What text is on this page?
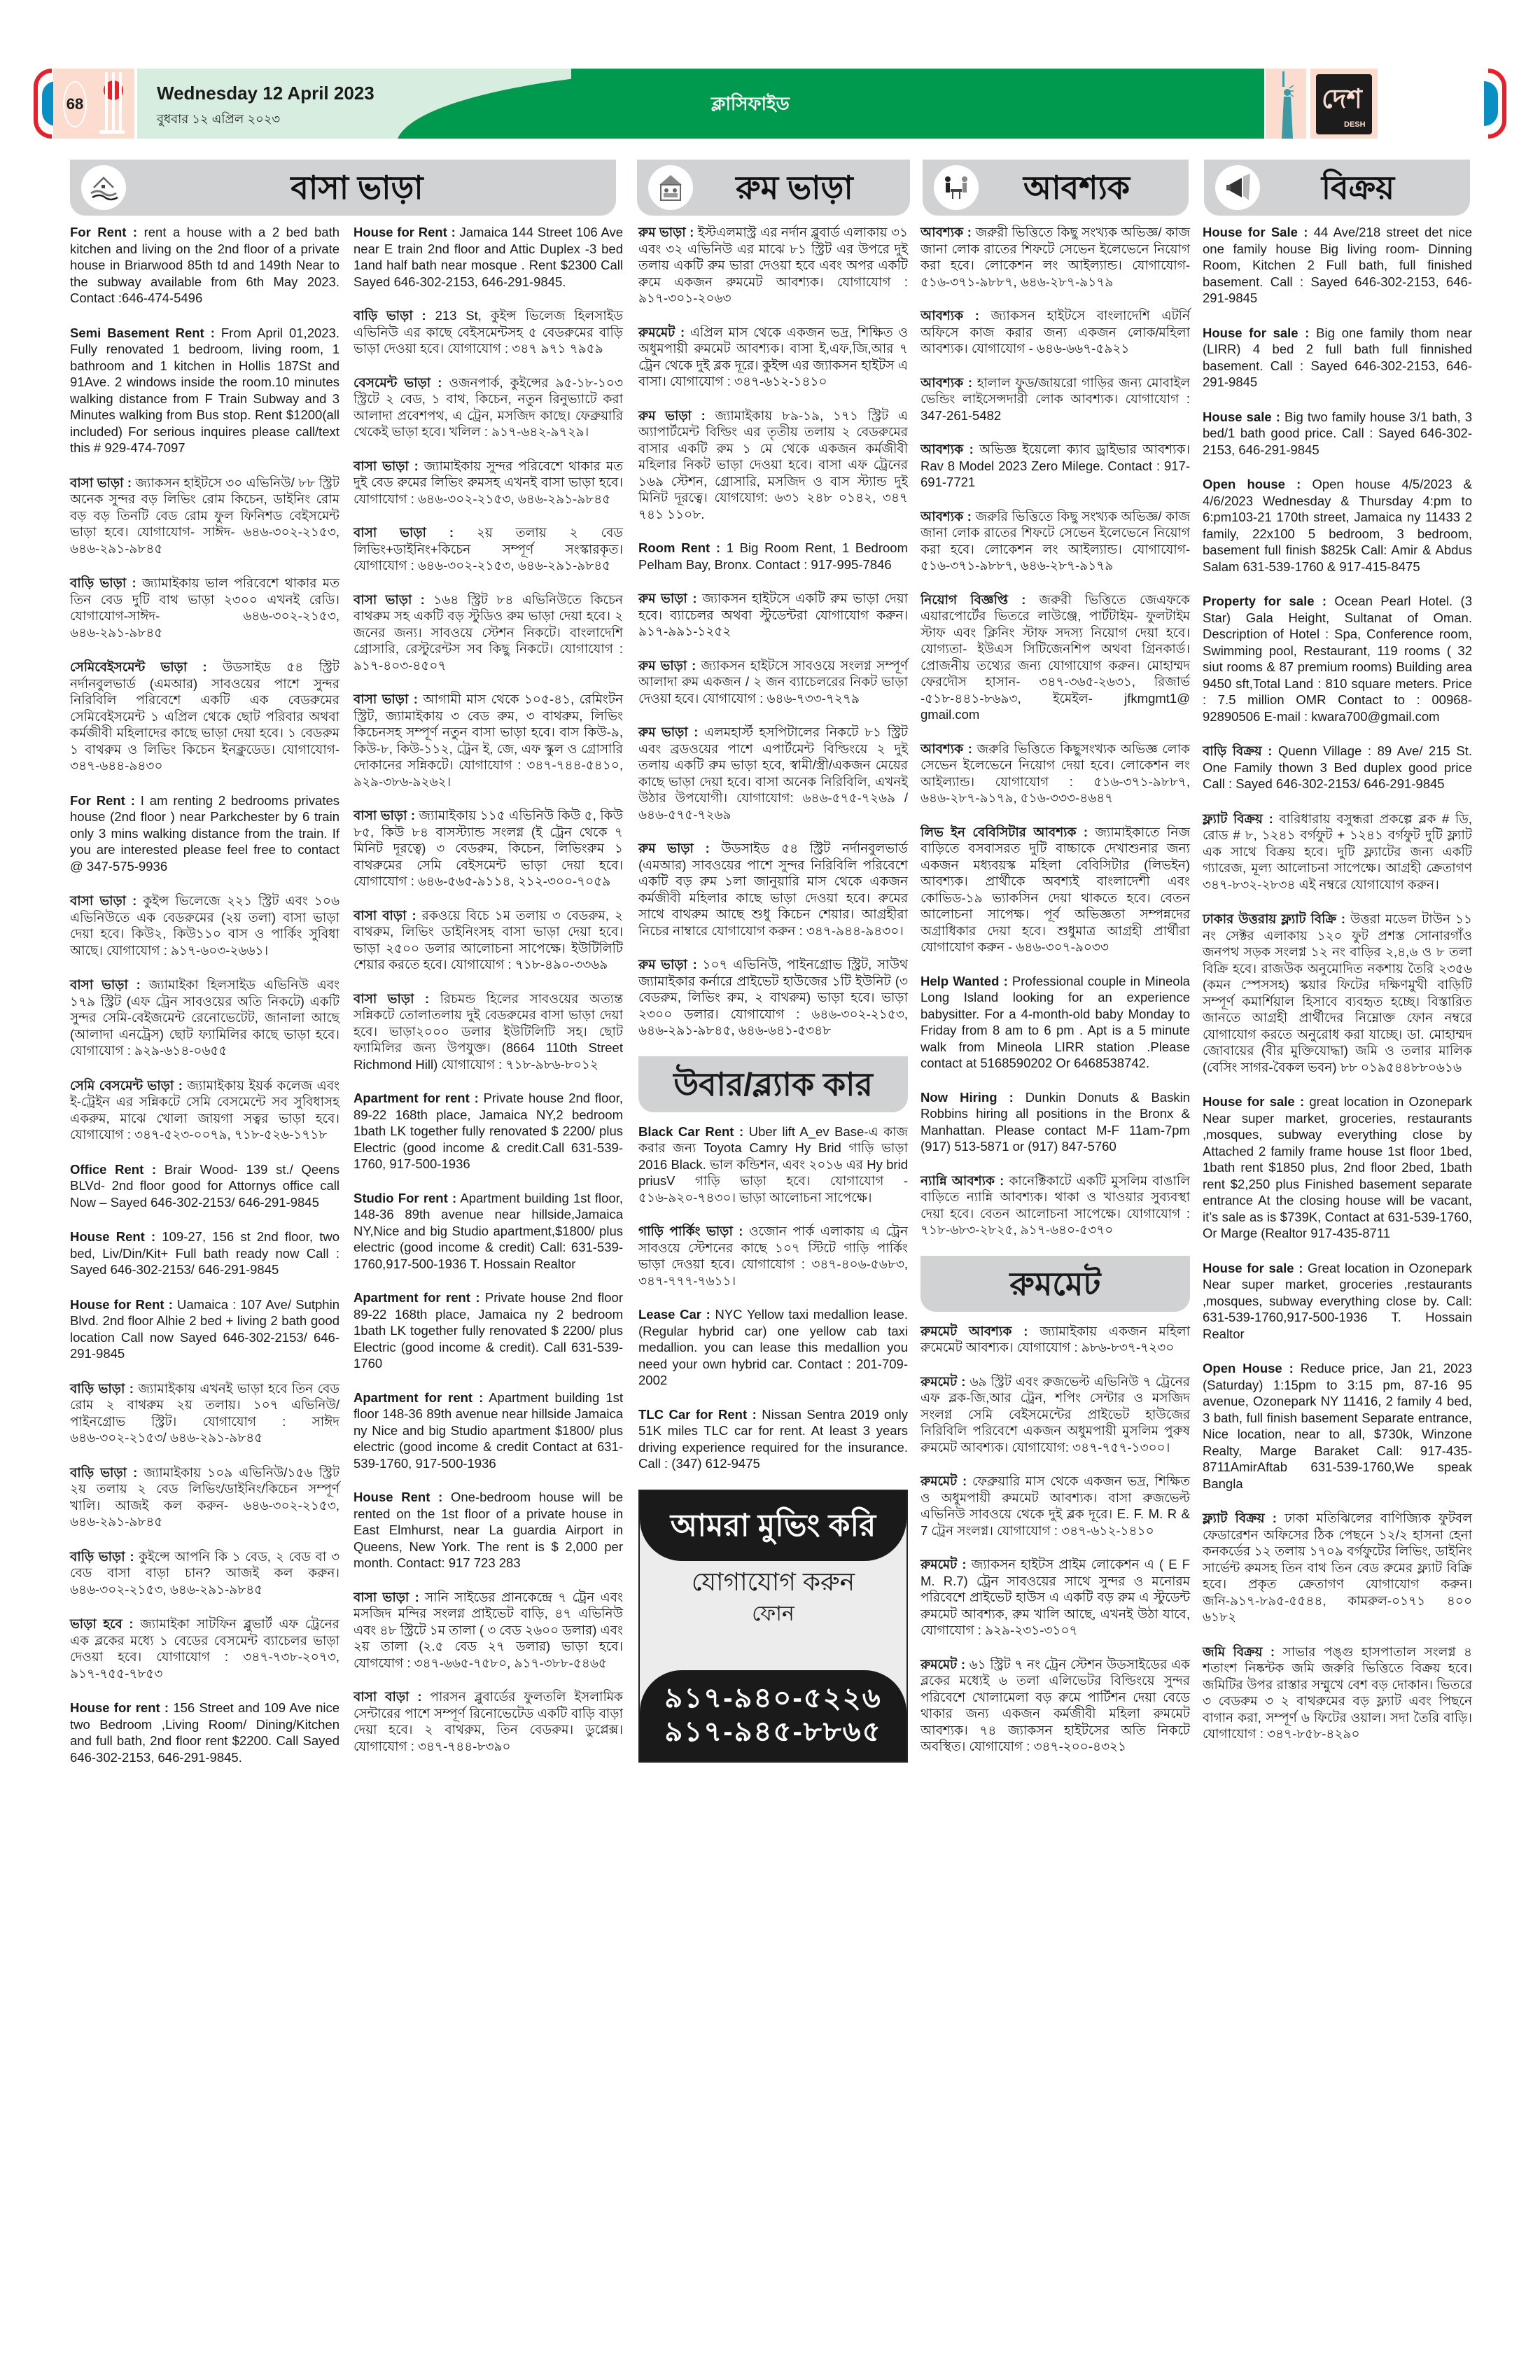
68
Wednesday 12 April 2023
বুধবার ১২ এপ্রিল ২০২৩
ক্লাসিফাইড	দেশ
DESH
বাসা ভাড়া	রুম ভাড়া	আবশ্যক	বিক্রয়

For Rent : rent a house with a 2 bed bath kitchen and living on the 2nd floor of a private house in Briarwood 85th td and 149th Near to the subway available from 6th May 2023. Contact :646-474-5496

Semi Basement Rent : From April 01,2023. Fully renovated 1 bedroom, living room, 1 bathroom and 1 kitchen in Hollis 187St and 91Ave. 2 windows inside the room.10 minutes walking distance from F Train Subway and 3 Minutes walking from Bus stop. Rent $1200(all included) For serious inquires please call/text this # 929-474-7097

বাসা ভাড়া : জ্যাকসন হাইটসে ৩০ এভিনিউ/ ৮৮ স্ট্রিট অনেক সুন্দর বড় লিভিং রোম কিচেন, ডাইনিং রোম বড় বড় তিনটি বেড রোম ফুল ফিনিশড বেইসমেন্ট ভাড়া হবে। যোগাযোগ- সাঈদ- ৬৪৬-৩০২-২১৫৩, ৬৪৬-২৯১-৯৮৪৫

বাড়ি ভাড়া : জ্যামাইকায় ভাল পরিবেশে থাকার মত তিন বেড দুটি বাথ ভাড়া ২৩০০ এখনই রেডি। যোগাযোগ-সাঈদ- ৬৪৬-৩০২-২১৫৩, ৬৪৬-২৯১-৯৮৪৫

সেমিবেইসমেন্ট ভাড়া : উডসাইড ৫৪ স্ট্রিট নর্দানবুলভার্ড (এমআর) সাবওয়ের পাশে সুন্দর নিরিবিলি পরিবেশে একটি এক বেডরুমের সেমিবেইসমেন্ট ১ এপ্রিল থেকে ছোট পরিবার অথবা কর্মজীবী মহিলাদের কাছে ভাড়া দেয়া হবে। ১ বেডরুম ১ বাথরুম ও লিভিং কিচেন ইনক্লুডেড। যোগাযোগ- ৩৪৭-৬৪৪-৯৪৩০

For Rent : I am renting 2 bedrooms privates house (2nd floor ) near Parkchester by 6 train only 3 mins walking distance from the train. If you are interested please feel free to contact @ 347-575-9936

বাসা ভাড়া : কুইন্স ভিলেজে ২২১ স্ট্রিট এবং ১০৬ এভিনিউতে এক বেডরুমের (২য় তলা) বাসা ভাড়া দেয়া হবে। কিউ২, কিউ১১০ বাস ও পার্কিং সুবিধা আছে। যোগাযোগ : ৯১৭-৬০৩-২৬৬১।

বাসা ভাড়া : জ্যামাইকা হিলসাইড এভিনিউ এবং ১৭৯ স্ট্রিট (এফ ট্রেন সাবওয়ের অতি নিকটে) একটি সুন্দর সেমি-বেইজমেন্ট রেনোভেটেট, জানালা আছে (আলাদা এনট্রেস) ছোট ফ্যামিলির কাছে ভাড়া হবে। যোগাযোগ : ৯২৯-৬১৪-০৬৫৫

সেমি বেসমেন্ট ভাড়া : জ্যামাইকায় ইয়র্ক কলেজ এবং ই-ট্রেইন এর সন্নিকটে সেমি বেসমেন্টে সব সুবিধাসহ একরুম, মাঝে খোলা জায়গা সত্বর ভাড়া হবে। যোগাযোগ : ৩৪৭-৫২৩-০০৭৯, ৭১৮-৫২৬-১৭১৮

Office Rent : Brair Wood- 139 st./ Qeens BLVd- 2nd floor good for Attornys office call Now – Sayed 646-302-2153/ 646-291-9845

House Rent : 109-27, 156 st 2nd floor, two bed, Liv/Din/Kit+ Full bath ready now Call : Sayed 646-302-2153/ 646-291-9845

House for Rent : Uamaica : 107 Ave/ Sutphin Blvd. 2nd floor Alhie 2 bed + living 2 bath good location Call now Sayed 646-302-2153/ 646-291-9845

বাড়ি ভাড়া : জ্যামাইকায় এখনই ভাড়া হবে তিন বেড রোম ২ বাথরুম ২য় তলায়। ১০৭ এভিনিউ/পাইনগ্রোভ স্ট্রিট। যোগাযোগ : সাঈদ ৬৪৬-৩০২-২১৫৩/ ৬৪৬-২৯১-৯৮৪৫

বাড়ি ভাড়া : জ্যামাইকায় ১০৯ এভিনিউ/১৫৬ স্ট্রিট ২য় তলায় ২ বেড লিভিং/ডাইনিং/কিচেন সম্পূর্ণ খালি। আজই কল করুন- ৬৪৬-৩০২-২১৫৩, ৬৪৬-২৯১-৯৮৪৫

বাড়ি ভাড়া : কুইন্সে আপনি কি ১ বেড, ২ বেড বা ৩ বেড বাসা বাড়া চান? আজই কল করুন। ৬৪৬-৩০২-২১৫৩, ৬৪৬-২৯১-৯৮৪৫

ভাড়া হবে : জ্যামাইকা সাটফিন ব্লুভার্ট এফ ট্রেনের এক ব্লকের মধ্যে ১ বেডের বেসমেন্ট ব্যাচেলর ভাড়া দেওয়া হবে। যোগাযোগ : ৩৪৭-৭৩৮-২০৭৩, ৯১৭-৭৫৫-৭৮৫৩

House for rent : 156 Street and 109 Ave nice two Bedroom ,Living Room/ Dining/Kitchen and full bath, 2nd floor rent $2200. Call Sayed 646-302-2153, 646-291-9845.

House for Rent : Jamaica 144 Street 106 Ave near E train 2nd floor and Attic Duplex -3 bed 1and half bath near mosque . Rent $2300 Call Sayed 646-302-2153, 646-291-9845.

বাড়ি ভাড়া : 213 St, কুইন্স ভিলেজ হিলসাইড এভিনিউ এর কাছে বেইসমেন্টসহ ৫ বেডরুমের বাড়ি ভাড়া দেওয়া হবে। যোগাযোগ : ৩৪৭ ৯৭১ ৭৯৫৯

বেসমেন্ট ভাড়া : ওজনপার্ক, কুইন্সের ৯৫-১৮-১০৩ স্ট্রিটে ২ বেড, ১ বাথ, কিচেন, নতুন রিনুভ্যাটে করা আলাদা প্রবেশপথ, এ ট্রেন, মসজিদ কাছে। ফেব্রুয়ারি থেকেই ভাড়া হবে। খলিল : ৯১৭-৬৪২-৯৭২৯।

বাসা ভাড়া : জ্যামাইকায় সুন্দর পরিবেশে থাকার মত দুই বেড রুমের লিভিং রুমসহ এখনই বাসা ভাড়া হবে। যোগাযোগ : ৬৪৬-৩০২-২১৫৩, ৬৪৬-২৯১-৯৮৪৫

বাসা ভাড়া : ২য় তলায় ২ বেড লিভিং+ডাইনিং+কিচেন সম্পূর্ণ সংস্কারকৃত। যোগাযোগ : ৬৪৬-৩০২-২১৫৩, ৬৪৬-২৯১-৯৮৪৫

বাসা ভাড়া : ১৬৪ স্ট্রিট ৮৪ এভিনিউতে কিচেন বাথরুম সহ একটি বড় স্টুডিও রুম ভাড়া দেয়া হবে। ২ জনের জন্য। সাবওয়ে স্টেশন নিকটে। বাংলাদেশি গ্রোসারি, রেস্টুরেন্টস সব কিছু নিকটে। যোগাযোগ : ৯১৭-৪০৩-৪৫০৭

বাসা ভাড়া : আগামী মাস থেকে ১০৫-৪১, রেমিংটন স্ট্রিট, জ্যামাইকায় ৩ বেড রুম, ৩ বাথরুম, লিভিং কিচেনসহ সম্পূর্ণ নতুন বাসা ভাড়া হবে। বাস কিউ-৯, কিউ-৮, কিউ-১১২, ট্রেন ই, জে, এফ স্কুল ও গ্রোসারি দোকানের সন্নিকটে। যোগাযোগ : ৩৪৭-৭৪৪-৫৪১০, ৯২৯-৩৮৬-৯২৬২।

বাসা ভাড়া : জ্যামাইকায় ১১৫ এভিনিউ কিউ ৫, কিউ ৮৫, কিউ ৮৪ বাসস্ট্যান্ড সংলগ্ন (ই ট্রেন থেকে ৭ মিনিট দূরত্বে) ৩ বেডরুম, কিচেন, লিভিংরুম ১ বাথরুমের সেমি বেইসমেন্ট ভাড়া দেয়া হবে। যোগাযোগ : ৬৪৬-৫৬৫-৯১১৪, ২১২-৩০০-৭০৫৯

বাসা বাড়া : রকওয়ে বিচে ১ম তলায় ৩ বেডরুম, ২ বাথরুম, লিভিং ডাইনিংসহ বাসা ভাড়া দেয়া হবে। ভাড়া ২৫০০ ডলার আলোচনা সাপেক্ষে। ইউটিলিটি শেয়ার করতে হবে। যোগাযোগ : ৭১৮-৪৯০-৩৩৬৯

বাসা ভাড়া : রিচমন্ড হিলের সাবওয়ের অত্যন্ত সন্নিকটে তোলাতলায় দুই বেডরুমের বাসা ভাড়া দেয়া হবে। ভাড়া২০০০ ডলার ইউটিলিটি সহ। ছোট ফ্যামিলির জন্য উপযুক্ত। (8664 110th Street Richmond Hill) যোগাযোগ : ৭১৮-৯৮৬-৮০১২

Apartment for rent : Private house 2nd floor, 89-22 168th place, Jamaica NY,2 bedroom 1bath LK together fully renovated $ 2200/ plus Electric (good income & credit.Call 631-539-1760, 917-500-1936

Studio For rent : Apartment building 1st floor, 148-36 89th avenue near hillside,Jamaica NY,Nice and big Studio apartment,$1800/ plus electric (good income & credit) Call: 631-539-1760,917-500-1936 T. Hossain Realtor

Apartment for rent : Private house 2nd floor 89-22 168th place, Jamaica ny 2 bedroom 1bath LK together fully renovated $ 2200/ plus Electric (good income & credit). Call 631-539-1760

Apartment for rent : Apartment building 1st floor 148-36 89th avenue near hillside Jamaica ny Nice and big Studio apartment $1800/ plus electric (good income & credit Contact at 631-539-1760, 917-500-1936

House Rent : One-bedroom house will be rented on the 1st floor of a private house in East Elmhurst, near La guardia Airport in Queens, New York. The rent is $ 2,000 per month. Contact: 917 723 283

বাসা ভাড়া : সানি সাইডের প্রানকেন্দ্রে ৭ ট্রেন এবং মসজিদ মন্দির সংলগ্ন প্রাইভেট বাড়ি, ৪৭ এভিনিউ এবং ৪৮ স্ট্রিটে ১ম তালা ( ৩ বেড ২৬০০ ডলার) এবং ২য় তালা (২.৫ বেড ২৭ ডলার) ভাড়া হবে। যোগযোগ : ৩৪৭-৬৬৫-৭৫৮০, ৯১৭-৩৮৮-৫৪৬৫

বাসা বাড়া : পারসন ব্লুবার্ডের ফুলতলি ইসলামিক সেন্টারের পাশে সম্পূর্ণ রিনোভেটেড একটি বাড়ি বাড়া দেয়া হবে। ২ বাথরুম, তিন বেডরুম। ডুপ্লেক্স। যোগাযোগ : ৩৪৭-৭৪৪-৮৩৯০

রুম ভাড়া : ইস্টএলমাস্ট্র এর নর্দান ব্লুবার্ড এলাকায় ৩১ এবং ৩২ এভিনিউ এর মাঝে ৮১ স্ট্রিট এর উপরে দুই তলায় একটি রুম ভারা দেওয়া হবে এবং অপর একটি রুমে একজন রুমমেট আবশ্যক। যোগাযোগ : ৯১৭-৩০১-২০৬৩

রুমমেট : এপ্রিল মাস থেকে একজন ভদ্র, শিক্ষিত ও অধুমপায়ী রুমমেট আবশ্যক। বাসা ই,এফ,জি,আর ৭ ট্রেন থেকে দুই ব্লক দূরে। কুইন্স এর জ্যাকসন হাইটস এ বাসা। যোগাযোগ : ৩৪৭-৬১২-১৪১০

রুম ভাড়া : জ্যামাইকায় ৮৯-১৯, ১৭১ স্ট্রিট এ অ্যাপার্টমেন্ট বিল্ডিং এর তৃতীয় তলায় ২ বেডরুমের বাসার একটি রুম ১ মে থেকে একজন কর্মজীবী মহিলার নিকট ভাড়া দেওয়া হবে। বাসা এফ ট্রেনের ১৬৯ স্টেশন, গ্রোসারি, মসজিদ ও বাস স্ট্যান্ড দুই মিনিট দূরত্বে। যোগযোগ: ৬৩১ ২৪৮ ০১৪২, ৩৪৭ ৭৪১ ১১০৮.

Room Rent : 1 Big Room Rent, 1 Bedroom Pelham Bay, Bronx. Contact : 917-995-7846

রুম ভাড়া : জ্যাকসন হাইটসে একটি রুম ভাড়া দেয়া হবে। ব্যাচেলর অথবা স্টুডেন্টরা যোগাযোগ করুন। ৯১৭-৯৯১-১২৫২

রুম ভাড়া : জ্যাকসন হাইটসে সাবওয়ে সংলগ্ন সম্পূর্ণ আলাদা রুম একজন / ২ জন ব্যাচেলরের নিকট ভাড়া দেওয়া হবে। যোগাযোগ : ৬৪৬-৭৩৩-৭২৭৯

রুম ভাড়া : এলমহার্স্ট হসপিটালের নিকটে ৮১ স্ট্রিট এবং ব্রডওয়ের পাশে এপার্টমেন্ট বিল্ডিংয়ে ২ দুই তলায় একটি রুম ভাড়া হবে, স্বামী/স্ত্রী/একজন মেয়ের কাছে ভাড়া দেয়া হবে। বাসা অনেক নিরিবিলি, এখনই উঠার উপযোগী। যোগাযোগ: ৬৪৬-৫৭৫-৭২৬৯ / ৬৪৬-৫৭৫-৭২৬৯

রুম ভাড়া : উডসাইড ৫৪ স্ট্রিট নর্দানবুলভার্ড (এমআর) সাবওয়ের পাশে সুন্দর নিরিবিলি পরিবেশে একটি বড় রুম ১লা জানুয়ারি মাস থেকে একজন কর্মজীবী মহিলার কাছে ভাড়া দেওয়া হবে। রুমের সাথে বাথরুম আছে শুধু কিচেন শেয়ার। আগ্রহীরা নিচের নাম্বারে যোগাযোগ করুন : ৩৪৭-৯৪৪-৯৪৩০।

রুম ভাড়া : ১০৭ এভিনিউ, পাইনগ্রোভ স্ট্রিট, সাউথ জ্যামাইকার কর্নারে প্রাইভেট হাউজের ১টি ইউনিট (৩ বেডরুম, লিভিং রুম, ২ বাথরুম) ভাড়া হবে। ভাড়া ২৩০০ ডলার। যোগাযোগ : ৬৪৬-৩০২-২১৫৩, ৬৪৬-২৯১-৯৮৪৫, ৬৪৬-৬৪১-৫৩৪৮

উবার/ব্ল্যাক কার

Black Car Rent : Uber lift A_ev Base-এ কাজ করার জন্য Toyota Camry Hy Brid গাড়ি ভাড়া 2016 Black. ভাল কন্ডিশন, এবং ২০১৬ এর Hy brid priusV গাড়ি ভাড়া হবে। যোগাযোগ - ৫১৬-৯২০-৭৪৩০। ভাড়া আলোচনা সাপেক্ষে।

গাড়ি পার্কিং ভাড়া : ওজোন পার্ক এলাকায় এ ট্রেন সাবওয়ে স্টেশনের কাছে ১০৭ স্টিটে গাড়ি পার্কিং ভাড়া দেওয়া হবে। যোগাযোগ : ৩৪৭-৪০৬-৫৬৮৩, ৩৪৭-৭৭৭-৭৬১১।

Lease Car : NYC Yellow taxi medallion lease. (Regular hybrid car) one yellow cab taxi medallion. you can lease this medallion you need your own hybrid car. Contact : 201-709-2002

TLC Car for Rent : Nissan Sentra 2019 only 51K miles TLC car for rent. At least 3 years driving experience required for the insurance. Call : (347) 612-9475

আমরা মুভিং করি
যোগাযোগ করুন
ফোন
৯১৭-৯৪০-৫২২৬
৯১৭-৯৪৫-৮৮৬৫

আবশ্যক : জরুরী ভিত্তিতে কিছু সংখ্যক অভিজ্ঞ/ কাজ জানা লোক রাতের শিফটে সেভেন ইলেভেনে নিয়োগ করা হবে। লোকেশন লং আইল্যান্ড। যোগাযোগ- ৫১৬-৩৭১-৯৮৮৭, ৬৪৬-২৮৭-৯১৭৯

আবশ্যক : জ্যাকসন হাইটসে বাংলাদেশি এটর্নি অফিসে কাজ করার জন্য একজন লোক/মহিলা আবশ্যক। যোগাযোগ - ৬৪৬-৬৬৭-৫৯২১

আবশ্যক : হালাল ফুড/জায়রো গাড়ির জন্য মোবাইল ভেন্ডিং লাইসেন্সদারী লোক আবশ্যক। যোগাযোগ : 347-261-5482

আবশ্যক : অভিজ্ঞ ইয়েলো ক্যাব ড্রাইভার আবশ্যক। Rav 8 Model 2023 Zero Milege. Contact : 917-691-7721

আবশ্যক : জরুরি ভিত্তিতে কিছু সংখ্যক অভিজ্ঞ/ কাজ জানা লোক রাতের শিফটে সেভেন ইলেভেনে নিয়োগ করা হবে। লোকেশন লং আইল্যান্ড। যোগাযোগ- ৫১৬-৩৭১-৯৮৮৭, ৬৪৬-২৮৭-৯১৭৯

নিয়োগ বিজ্ঞপ্তি : জরুরী ভিত্তিতে জেএফকে এয়ারপোর্টের ভিতরে লাউঞ্জে, পার্টটাইম- ফুলটাইম স্টাফ এবং ক্লিনিং স্টাফ সদস্য নিয়োগ দেয়া হবে। যোগ্যতা- ইউএস সিটিজেনশিপ অথবা গ্রিনকার্ড। প্রোজনীয় তথ্যের জন্য যোগাযোগ করুন। মোহাম্মদ ফেরদৌস হাসান- ৩৪৭-৩৬৫-২৬৩১, রিজার্ভ -৫১৮-৪৪১-৮৬৯৩, ইমেইল- jfkmgmt1@ gmail.com

আবশ্যক : জরুরি ভিত্তিতে কিছুসংখ্যক অভিজ্ঞ লোক সেভেন ইলেভেনে নিয়োগ দেয়া হবে। লোকেশন লং আইল্যান্ড। যোগাযোগ : ৫১৬-৩৭১-৯৮৮৭, ৬৪৬-২৮৭-৯১৭৯, ৫১৬-৩৩৩-৪৬৪৭

লিভ ইন বেবিসিটার আবশ্যক : জ্যামাইকাতে নিজ বাড়িতে বসবাসরত দুটি বাচ্চাকে দেখাশুনার জন্য একজন মধ্যবয়স্ক মহিলা বেবিসিটার (লিভইন) আবশ্যক। প্রার্থীকে অবশ্যই বাংলাদেশী এবং কোভিড-১৯ ভ্যাকসিন দেয়া থাকতে হবে। বেতন আলোচনা সাপেক্ষ। পূর্ব অভিজ্ঞতা সম্পন্নদের অগ্রাধিকার দেয়া হবে। শুধুমাত্র আগ্রহী প্রার্থীরা যোগাযোগ করুন - ৬৪৬-৩০৭-৯০৩৩

Help Wanted : Professional couple in Mineola Long Island looking for an experience babysitter. For a 4-month-old baby Monday to Friday from 8 am to 6 pm . Apt is a 5 minute walk from Mineola LIRR station .Please contact at 5168590202 Or 6468538742.

Now Hiring : Dunkin Donuts & Baskin Robbins hiring all positions in the Bronx & Manhattan. Please contact M-F 11am-7pm (917) 513-5871 or (917) 847-5760

ন্যান্নি আবশ্যক : কানেক্টিকাটে একটি মুসলিম বাঙালি বাড়িতে ন্যান্নি আবশ্যক। থাকা ও খাওয়ার সুব্যবস্থা দেয়া হবে। বেতন আলোচনা সাপেক্ষে। যোগাযোগ : ৭১৮-৬৮৩-২৮২৫, ৯১৭-৬৪০-৫৩৭০

রুমমেট

রুমমেট আবশ্যক : জ্যামাইকায় একজন মহিলা রুমেমেট আবশ্যক। যোগাযোগ : ৯৮৬-৮৩৭-৭২৩০

রুমমেট : ৬৯ স্ট্রিট এবং রুজভেল্ট এভিনিউ ৭ ট্রেনের এফ ব্লক-জি,আর ট্রেন, শপিং সেন্টার ও মসজিদ সংলগ্ন সেমি বেইসমেন্টের প্রাইভেট হাউজের নিরিবিলি পরিবেশে একজন অধুমপায়ী মুসলিম পুরুষ রুমমেট আবশ্যক। যোগাযোগ: ৩৪৭-৭৫৭-১৩০০।

রুমমেট : ফেব্রুয়ারি মাস থেকে একজন ভদ্র, শিক্ষিত ও অধুমপায়ী রুমমেট আবশ্যক। বাসা রুজভেল্ট এভিনিউ সাবওয়ে থেকে দুই ব্লক দূরে। E. F. M. R & 7 ট্রেন সংলগ্ন। যোগাযোগ : ৩৪৭-৬১২-১৪১০

রুমমেট : জ্যাকসন হাইটস প্রাইম লোকেশন এ ( E F M. R.7) ট্রেন সাবওয়ের সাথে সুন্দর ও মনোরম পরিবেশে প্রাইভেট হাউস এ একটি বড় রুম এ স্টুডেন্ট রুমমেট আবশ্যক, রুম খালি আছে, এখনই উঠা যাবে, যোগাযোগ : ৯২৯-২৩১-৩১০৭

রুমমেট : ৬১ স্ট্রিট ৭ নং ট্রেন স্টেশন উডসাইডের এক ব্লকের মধ্যেই ৬ তলা এলিভেটর বিল্ডিংয়ে সুন্দর পরিবেশে খোলামেলা বড় রুমে পার্টিশন দেয়া বেডে থাকার জন্য একজন কর্মজীবী মহিলা রুমমেট আবশ্যক। ৭৪ জ্যাকসন হাইটসের অতি নিকটে অবস্থিত। যোগাযোগ : ৩৪৭-২০০-৪৩২১

House for Sale : 44 Ave/218 street det nice one family house Big living room- Dinning Room, Kitchen 2 Full bath, full finished basement. Call : Sayed 646-302-2153, 646-291-9845

House for sale : Big one family thom near (LIRR) 4 bed 2 full bath full finnished basement. Call : Sayed 646-302-2153, 646-291-9845

House sale : Big two family house 3/1 bath, 3 bed/1 bath good price. Call : Sayed 646-302-2153, 646-291-9845

Open house : Open house 4/5/2023 & 4/6/2023 Wednesday & Thursday 4:pm to 6:pm103-21 170th street, Jamaica ny 11433 2 family, 22x100 5 bedroom, 3 bedroom, basement full finish $825k Call: Amir & Abdus Salam 631-539-1760 & 917-415-8475

Property for sale : Ocean Pearl Hotel. (3 Star) Gala Height, Sultanat of Oman. Description of Hotel : Spa, Conference room, Swimming pool, Restaurant, 119 rooms ( 32 siut rooms & 87 premium rooms) Building area 9450 sft,Total Land : 810 square meters. Price : 7.5 million OMR Contact to : 00968-92890506 E-mail : kwara700@gmail.com

বাড়ি বিক্রয় : Quenn Village : 89 Ave/ 215 St. One Family thown 3 Bed duplex good price Call : Sayed 646-302-2153/ 646-291-9845

ফ্ল্যাট বিক্রয় : বারিধারায় বসুন্ধরা প্রকল্পে ব্লক # ডি, রোড # ৮, ১২৪১ বর্গফুট + ১২৪১ বর্গফুট দুটি ফ্ল্যাট এক সাথে বিক্রয় হবে। দুটি ফ্ল্যাটের জন্য একটি গ্যারেজ, মূল্য আলোচনা সাপেক্ষে। আগ্রহী ক্রেতাগণ ৩৪৭-৮৩২-২৮৩৪ এই নম্বরে যোগাযোগ করুন।

ঢাকার উত্তরায় ফ্ল্যাট বিক্রি : উত্তরা মডেল টাউন ১১ নং সেক্টর এলাকায় ১২০ ফুট প্রশস্ত সোনারগাঁও জনপথ সড়ক সংলগ্ন ১২ নং বাড়ির ২,৪,৬ ও ৮ তলা বিক্রি হবে। রাজউক অনুমোদিত নকশায় তৈরি ২৩৫৬ (কমন স্পেসসহ) স্কয়ার ফিটের দক্ষিণমুখী বাড়িটি সম্পূর্ণ কমার্শিয়াল হিসাবে ব্যবহৃত হচ্ছে। বিস্তারিত জানতে আগ্রহী প্রার্থীদের নিম্নোক্ত ফোন নম্বরে যোগাযোগ করতে অনুরোধ করা যাচ্ছে। ডা. মোহাম্মদ জোবায়ের (বীর মুক্তিযোদ্ধা) জমি ও তলার মালিক (বেসিং সাগর-বৈকল ভবন) ৮৮ ০১৯৫৪৪৮৮০৬১৬

House for sale : great location in Ozonepark Near super market, groceries, restaurants ,mosques, subway everything close by Attached 2 family frame house 1st floor 1bed, 1bath rent $1850 plus, 2nd floor 2bed, 1bath rent $2,250 plus Finished basement separate entrance At the closing house will be vacant, it’s sale as is $739K, Contact at 631-539-1760, Or Marge (Realtor 917-435-8711

House for sale : Great location in Ozonepark Near super market, groceries ,restaurants ,mosques, subway everything close by. Call: 631-539-1760,917-500-1936 T. Hossain Realtor

Open House : Reduce price, Jan 21, 2023 (Saturday) 1:15pm to 3:15 pm, 87-16 95 avenue, Ozonepark NY 11416, 2 family 4 bed, 3 bath, full finish basement Separate entrance, Nice location, near to all, $730k, Winzone Realty, Marge Baraket Call: 917-435-8711AmirAftab 631-539-1760,We speak Bangla

ফ্ল্যাট বিক্রয় : ঢাকা মতিঝিলের বাণিজ্যিক ফুটবল ফেডারেশন অফিসের ঠিক পেছনে ১২/২ হাসনা হেনা কনকর্ডের ১২ তলায় ১৭০৯ বর্গফুটের লিভিং, ডাইনিং সার্ভেন্ট রুমসহ তিন বাথ তিন বেড রুমের ফ্ল্যাট বিক্রি হবে। প্রকৃত ক্রেতাগণ যোগাযোগ করুন। জনি-৯১৭-৮৯৫-৫৫৪৪, কামরুল-০১৭১ ৪০০ ৬১৮২

জমি বিক্রয় : সাভার পঙ্গু হাসপাতাল সংলগ্ন ৪ শতাংশ নিষ্কন্টক জমি জরুরি ভিত্তিতে বিক্রয় হবে। জমিটির উপর রাস্তার সম্মুখে বেশ বড় দোকান। ভিতরে ৩ বেডরুম ৩ ২ বাথরুমের বড় ফ্ল্যাট এবং পিছনে বাগান করা, সম্পূর্ণ ৬ ফিটের ওয়াল। সদা তৈরি বাড়ি। যোগাযোগ : ৩৪৭-৮৫৮-৪২৯০
